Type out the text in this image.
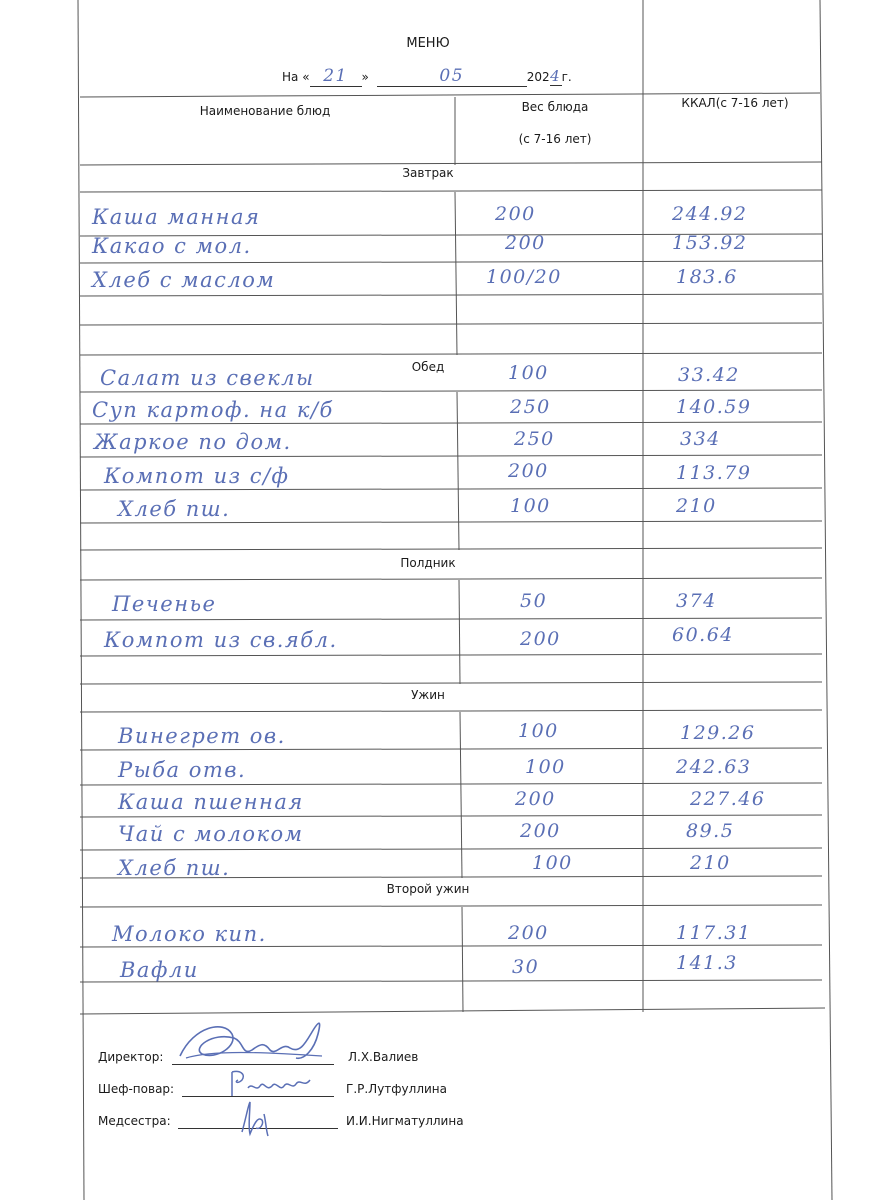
МЕНЮ
На « 21 »	05	2024г.
Наименование блюд	Вес блюда
(с 7-16 лет)
ККАЛ(с 7-16 лет)
Завтрак
Каша манная	200	244.92
Какао с мол.	200	153.92
Хлеб с маслом	100/20	183.6
Обед
Салат из свеклы	100	33.42
Суп картоф. на к/б	250	140.59
Жаркое по дом.	250	334
Компот из с/ф	200	113.79
Хлеб пш.	100	210
Полдник
Печенье	50	374
Компот из св.ябл.	200	60.64
Ужин
Винегрет ов.	100	129.26
Рыба отв.	100	242.63
Каша пшенная	200	227.46
Чай с молоком	200	89.5
Хлеб пш.	100	210
Второй ужин
Молоко кип.	200	117.31
Вафли	30	141.3
Директор:	Л.Х.Валиев
Шеф-повар:	Г.Р.Лутфуллина
Медсестра:	И.И.Нигматуллина
